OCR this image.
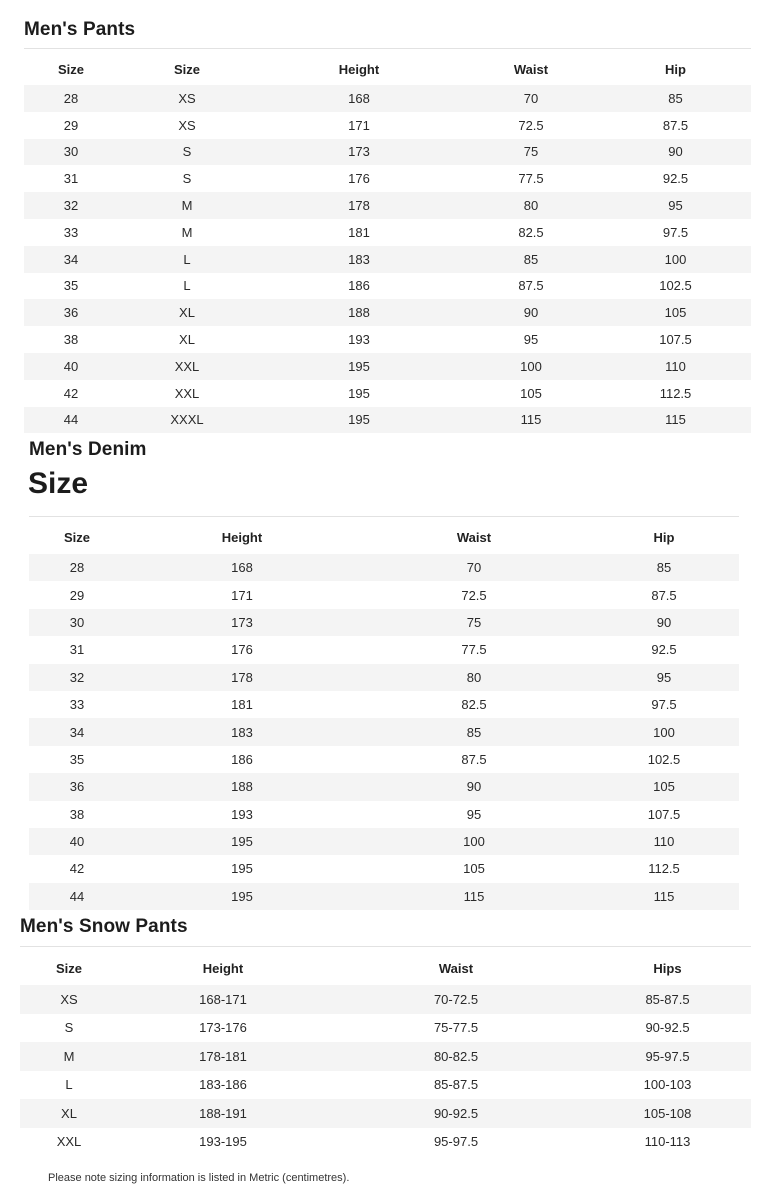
Men's Pants
Size	Size	Height	Waist	Hip
28	XS	168	70	85
29	XS	171	72.5	87.5
30	S	173	75	90
31	S	176	77.5	92.5
32	M	178	80	95
33	M	181	82.5	97.5
34	L	183	85	100
35	L	186	87.5	102.5
36	XL	188	90	105
38	XL	193	95	107.5
40	XXL	195	100	110
42	XXL	195	105	112.5
44	XXXL	195	115	115
Men's Denim
Size
Size	Height	Waist	Hip
28	168	70	85
29	171	72.5	87.5
30	173	75	90
31	176	77.5	92.5
32	178	80	95
33	181	82.5	97.5
34	183	85	100
35	186	87.5	102.5
36	188	90	105
38	193	95	107.5
40	195	100	110
42	195	105	112.5
44	195	115	115
Men's Snow Pants
Size	Height	Waist	Hips
XS	168-171	70-72.5	85-87.5
S	173-176	75-77.5	90-92.5
M	178-181	80-82.5	95-97.5
L	183-186	85-87.5	100-103
XL	188-191	90-92.5	105-108
XXL	193-195	95-97.5	110-113

Please note sizing information is listed in Metric (centimetres).
